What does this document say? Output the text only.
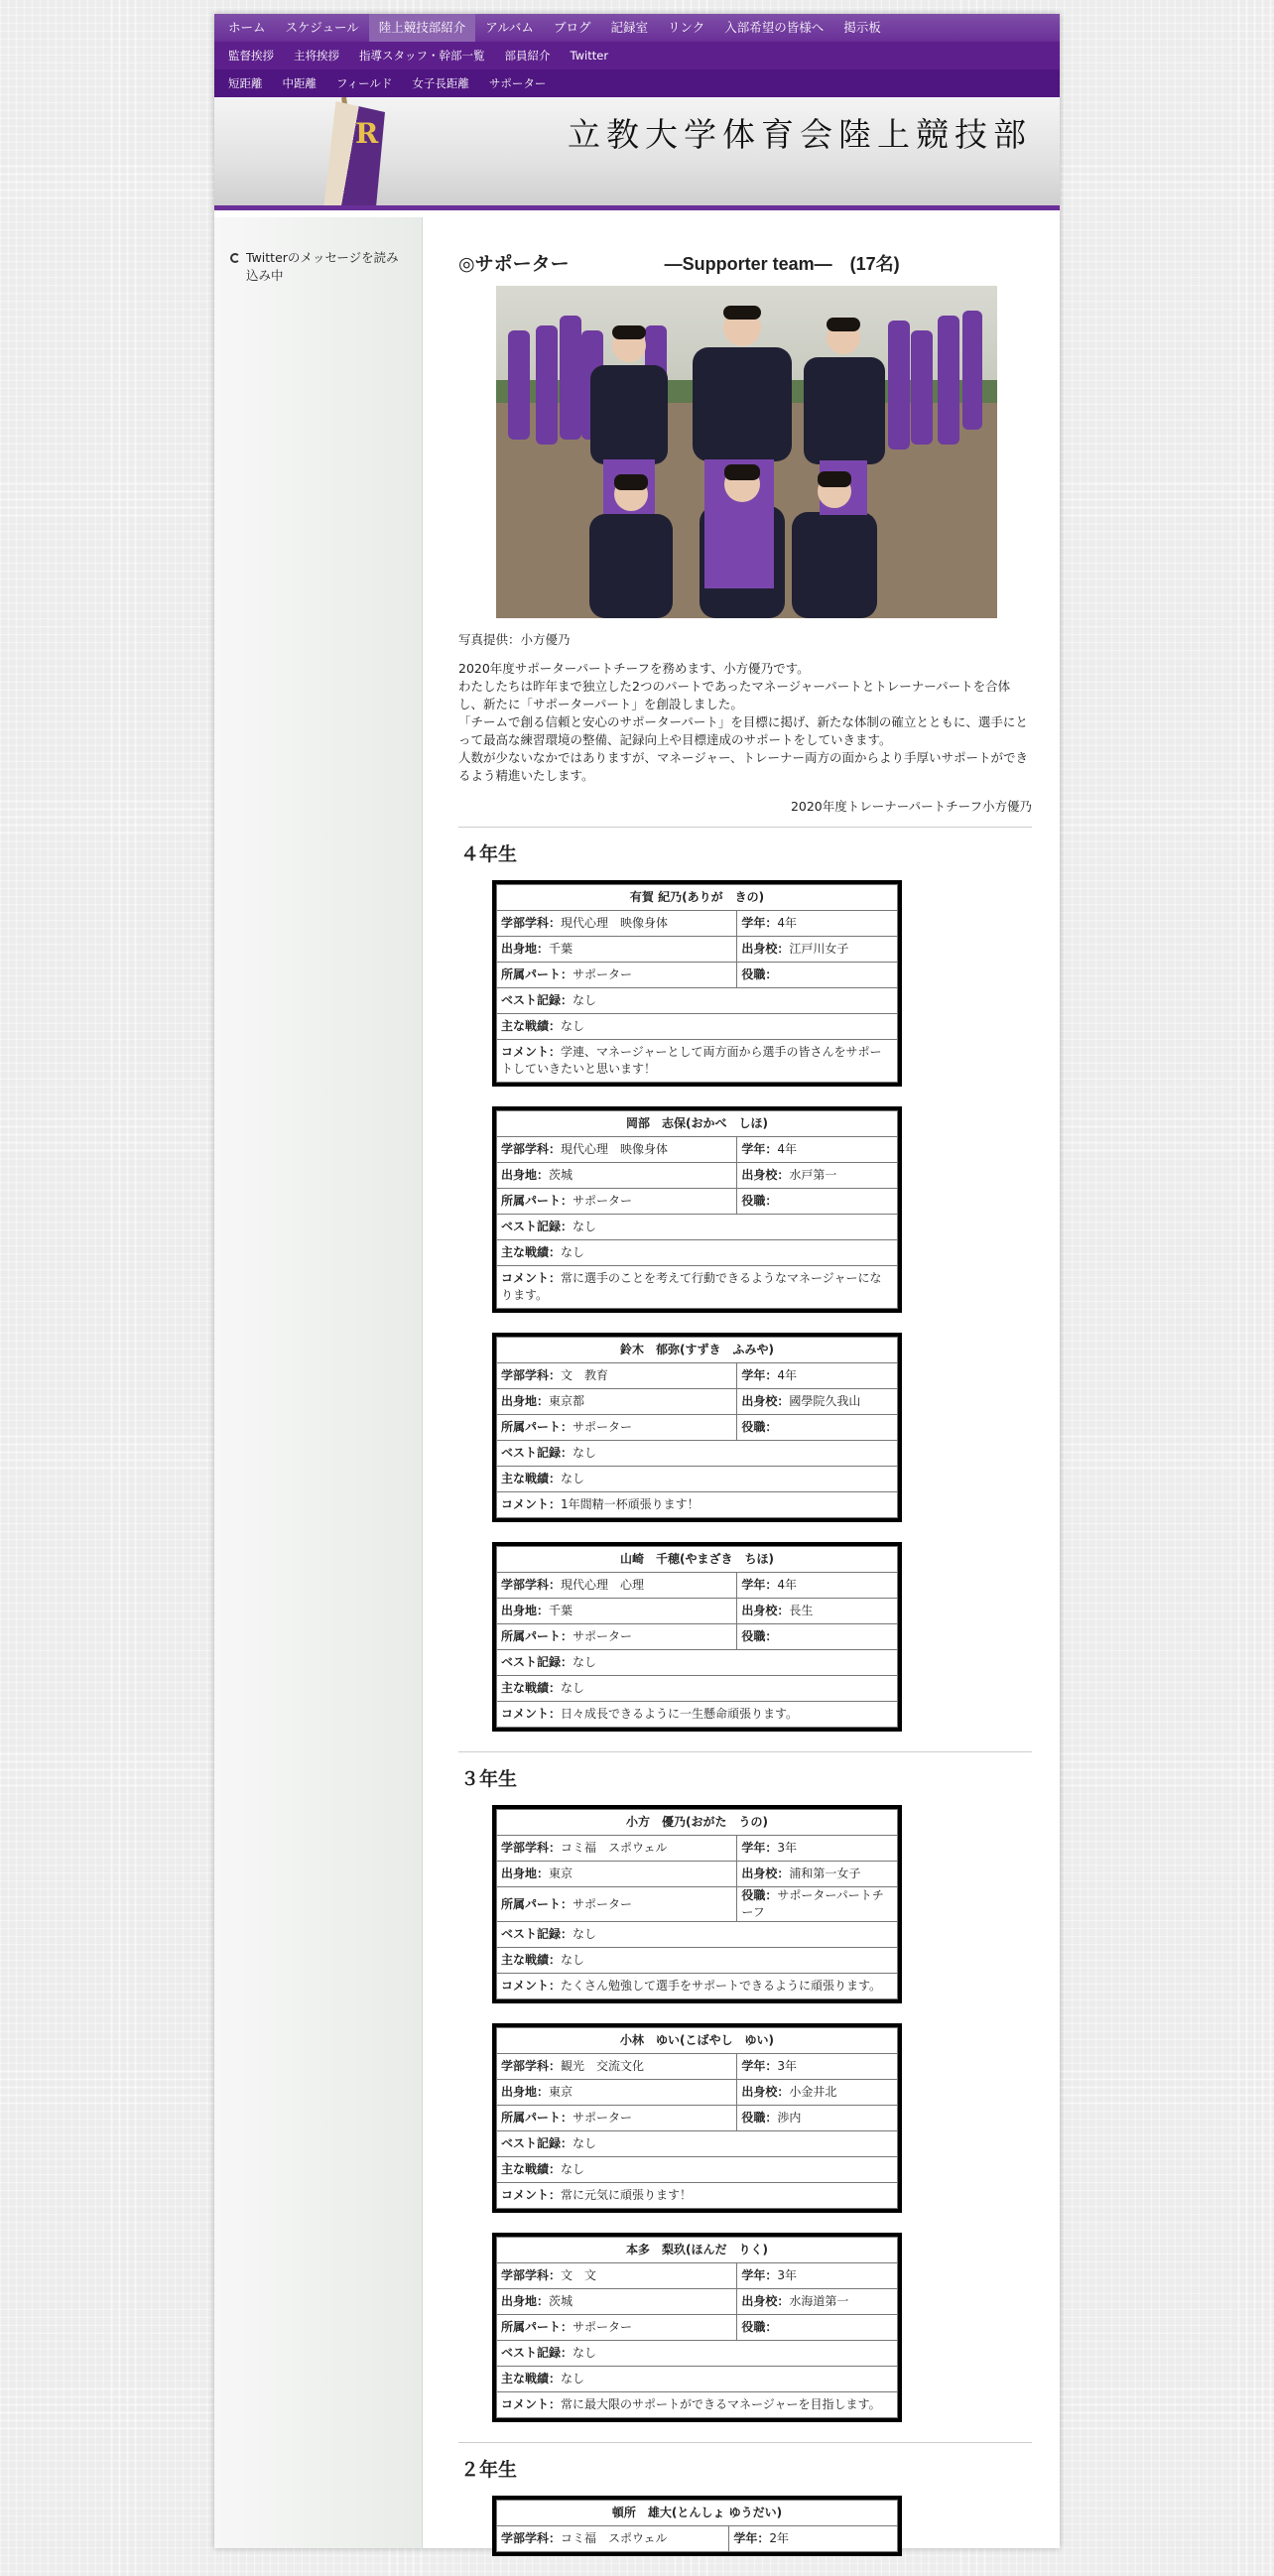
ホーム	スケジュール	陸上競技部紹介	アルバム	ブログ	記録室	リンク	入部希望の皆様へ	掲示板
監督挨拶	主将挨拶	指導スタッフ・幹部一覧	部員紹介	Twitter
短距離	中距離	フィールド	女子長距離	サポーター
R	立教大学体育会陸上競技部
Twitterのメッセージを読み込み中
◎サポーター	―Supporter team―　(17名)

写真提供：小方優乃

2020年度サポーターパートチーフを務めます、小方優乃です。

わたしたちは昨年まで独立した2つのパートであったマネージャーパートとトレーナーパートを合体し、新たに「サポーターパート」を創設しました。

「チームで創る信頼と安心のサポーターパート」を目標に掲げ、新たな体制の確立とともに、選手にとって最高な練習環境の整備、記録向上や目標達成のサポートをしていきます。

人数が少ないなかではありますが、マネージャー、トレーナー両方の面からより手厚いサポートができるよう精進いたします。

2020年度トレーナーパートチーフ小方優乃

４年生
有賀 紀乃(ありが　きの)	
学部学科：現代心理　映像身体	学年：4年
出身地：千葉	出身校：江戸川女子
所属パート：サポーター	役職：
ベスト記録：なし	
主な戦績：なし	
コメント：学連、マネージャーとして両方面から選手の皆さんをサポートしていきたいと思います！	
岡部　志保(おかべ　しほ)	
学部学科：現代心理　映像身体	学年：4年
出身地：茨城	出身校：水戸第一
所属パート：サポーター	役職：
ベスト記録：なし	
主な戦績：なし	
コメント：常に選手のことを考えて行動できるようなマネージャーになります。	
鈴木　郁弥(すずき　ふみや)	
学部学科：文　教育	学年：4年
出身地：東京都	出身校：國學院久我山
所属パート：サポーター	役職：
ベスト記録：なし	
主な戦績：なし	
コメント：1年間精一杯頑張ります！	
山崎　千穂(やまざき　ちほ)	
学部学科：現代心理　心理	学年：4年
出身地：千葉	出身校：長生
所属パート：サポーター	役職：
ベスト記録：なし	
主な戦績：なし	
コメント：日々成長できるように一生懸命頑張ります。	
３年生
小方　優乃(おがた　うの)	
学部学科：コミ福　スポウェル	学年：3年
出身地：東京	出身校：浦和第一女子
所属パート：サポーター	役職：サポーターパートチーフ
ベスト記録：なし	
主な戦績：なし	
コメント：たくさん勉強して選手をサポートできるように頑張ります。	
小林　ゆい(こばやし　ゆい)	
学部学科：観光　交流文化	学年：3年
出身地：東京	出身校：小金井北
所属パート：サポーター	役職：渉内
ベスト記録：なし	
主な戦績：なし	
コメント：常に元気に頑張ります！	
本多　梨玖(ほんだ　りく)	
学部学科：文　文	学年：3年
出身地：茨城	出身校：水海道第一
所属パート：サポーター	役職：
ベスト記録：なし	
主な戦績：なし	
コメント：常に最大限のサポートができるマネージャーを目指します。	
２年生
頓所　雄大(とんしょ ゆうだい)
学部学科：コミ福　スポウェル	学年：2年
